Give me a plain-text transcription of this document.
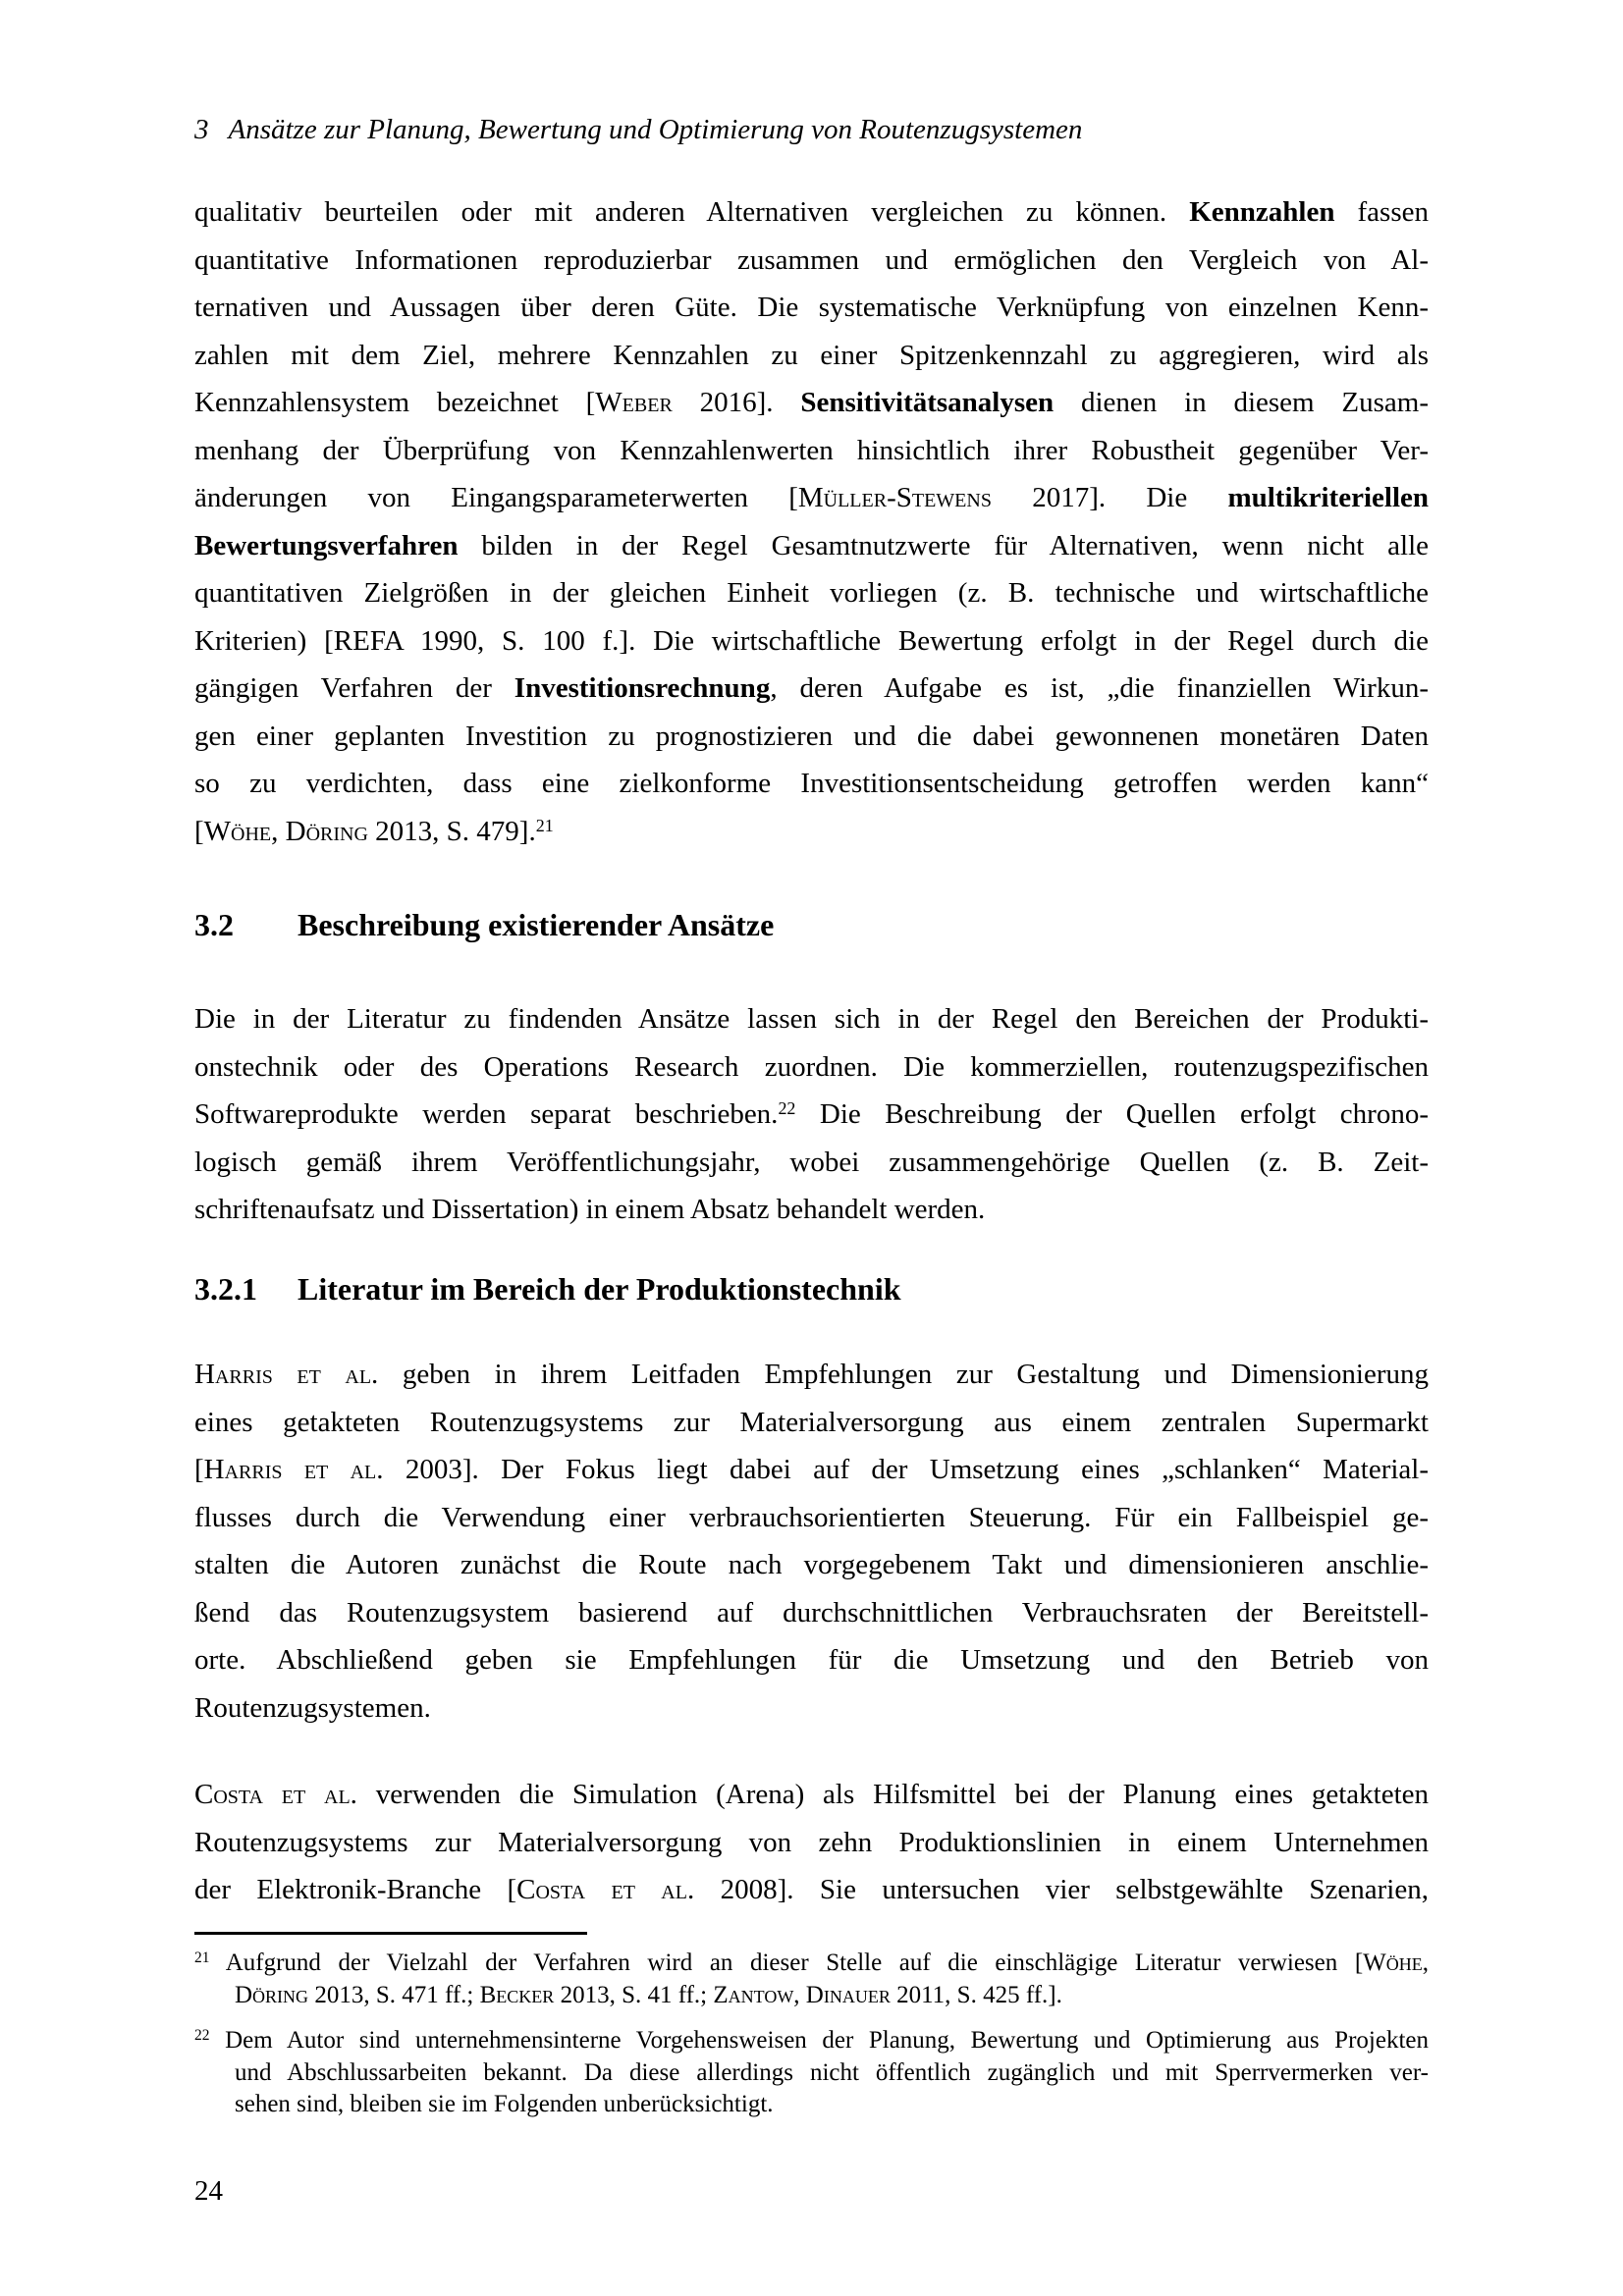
3 Ansätze zur Planung, Bewertung und Optimierung von Routenzugsystemen
qualitativ beurteilen oder mit anderen Alternativen vergleichen zu können. Kennzahlen fassen
quantitative Informationen reproduzierbar zusammen und ermöglichen den Vergleich von Al-
ternativen und Aussagen über deren Güte. Die systematische Verknüpfung von einzelnen Kenn-
zahlen mit dem Ziel, mehrere Kennzahlen zu einer Spitzenkennzahl zu aggregieren, wird als
Kennzahlensystem bezeichnet [Weber 2016]. Sensitivitätsanalysen dienen in diesem Zusam-
menhang der Überprüfung von Kennzahlenwerten hinsichtlich ihrer Robustheit gegenüber Ver-
änderungen von Eingangsparameterwerten [Müller-Stewens 2017]. Die multikriteriellen
Bewertungsverfahren bilden in der Regel Gesamtnutzwerte für Alternativen, wenn nicht alle
quantitativen Zielgrößen in der gleichen Einheit vorliegen (z. B. technische und wirtschaftliche
Kriterien) [REFA 1990, S. 100 f.]. Die wirtschaftliche Bewertung erfolgt in der Regel durch die
gängigen Verfahren der Investitionsrechnung, deren Aufgabe es ist, „die finanziellen Wirkun-
gen einer geplanten Investition zu prognostizieren und die dabei gewonnenen monetären Daten
so zu verdichten, dass eine zielkonforme Investitionsentscheidung getroffen werden kann“
[Wöhe, Döring 2013, S. 479].$^{21}$
3.2 Beschreibung existierender Ansätze
Die in der Literatur zu findenden Ansätze lassen sich in der Regel den Bereichen der Produkti-
onstechnik oder des Operations Research zuordnen. Die kommerziellen, routenzugspezifischen
Softwareprodukte werden separat beschrieben.$^{22}$ Die Beschreibung der Quellen erfolgt chrono-
logisch gemäß ihrem Veröffentlichungsjahr, wobei zusammengehörige Quellen (z. B. Zeit-
schriftenaufsatz und Dissertation) in einem Absatz behandelt werden.
3.2.1 Literatur im Bereich der Produktionstechnik
Harris et al. geben in ihrem Leitfaden Empfehlungen zur Gestaltung und Dimensionierung
eines getakteten Routenzugsystems zur Materialversorgung aus einem zentralen Supermarkt
[Harris et al. 2003]. Der Fokus liegt dabei auf der Umsetzung eines „schlanken“ Material-
flusses durch die Verwendung einer verbrauchsorientierten Steuerung. Für ein Fallbeispiel ge-
stalten die Autoren zunächst die Route nach vorgegebenem Takt und dimensionieren anschlie-
ßend das Routenzugsystem basierend auf durchschnittlichen Verbrauchsraten der Bereitstell-
orte. Abschließend geben sie Empfehlungen für die Umsetzung und den Betrieb von
Routenzugsystemen.
Costa et al. verwenden die Simulation (Arena) als Hilfsmittel bei der Planung eines getakteten
Routenzugsystems zur Materialversorgung von zehn Produktionslinien in einem Unternehmen
der Elektronik-Branche [Costa et al. 2008]. Sie untersuchen vier selbstgewählte Szenarien,
$^{21}$ Aufgrund der Vielzahl der Verfahren wird an dieser Stelle auf die einschlägige Literatur verwiesen [Wöhe,
Döring 2013, S. 471 ff.; Becker 2013, S. 41 ff.; Zantow, Dinauer 2011, S. 425 ff.].
$^{22}$ Dem Autor sind unternehmensinterne Vorgehensweisen der Planung, Bewertung und Optimierung aus Projekten
und Abschlussarbeiten bekannt. Da diese allerdings nicht öffentlich zugänglich und mit Sperrvermerken ver-
sehen sind, bleiben sie im Folgenden unberücksichtigt.
24
